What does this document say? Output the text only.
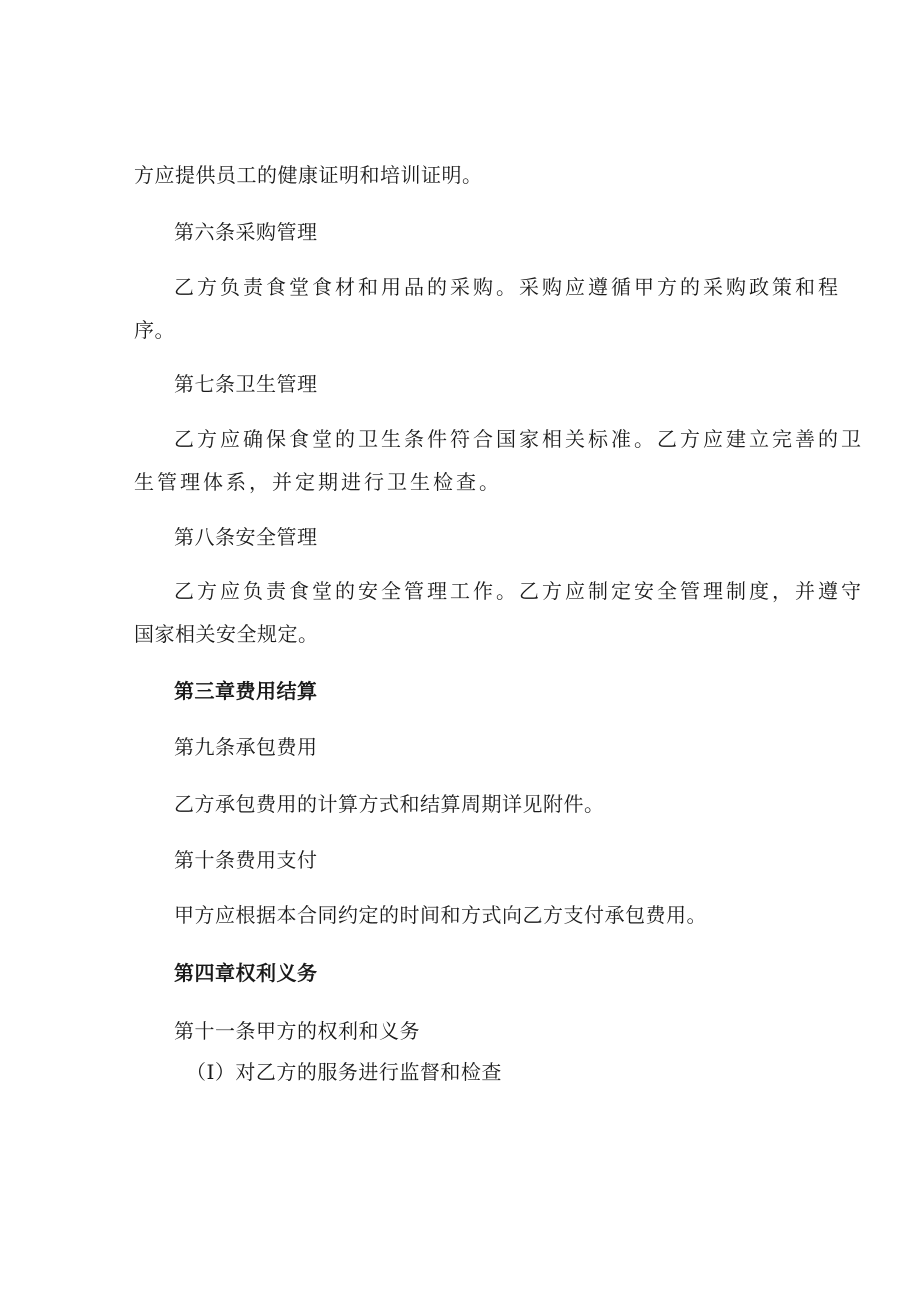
方应提供员工的健康证明和培训证明。
第六条采购管理
乙方负责食堂食材和用品的采购。采购应遵循甲方的采购政策和程
序。
第七条卫生管理
乙方应确保食堂的卫生条件符合国家相关标准。乙方应建立完善的卫
生管理体系，并定期进行卫生检查。
第八条安全管理
乙方应负责食堂的安全管理工作。乙方应制定安全管理制度，并遵守
国家相关安全规定。
第三章费用结算
第九条承包费用
乙方承包费用的计算方式和结算周期详见附件。
第十条费用支付
甲方应根据本合同约定的时间和方式向乙方支付承包费用。
第四章权利义务
第十一条甲方的权利和义务
（I）对乙方的服务进行监督和检查
